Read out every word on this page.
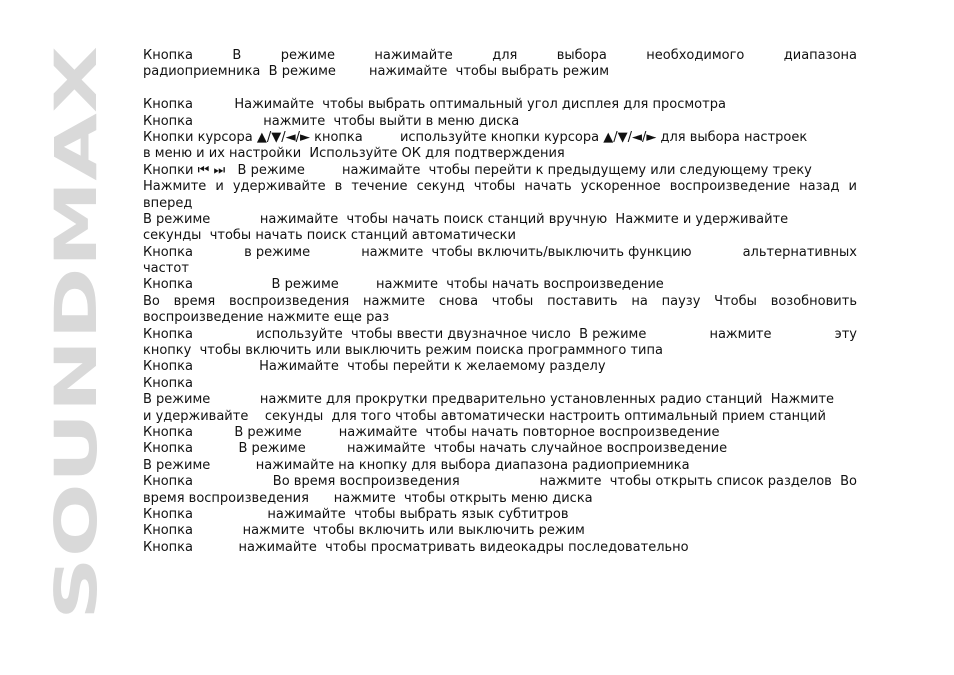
SOUNDMAX
Кнопка	В	режиме	нажимайте	для	выбора	необходимого	диапазона
радиоприемника  В режиме        нажимайте  чтобы выбрать режим
Кнопка          Нажимайте  чтобы выбрать оптимальный угол дисплея для просмотра
Кнопка                 нажмите  чтобы выйти в меню диска
Кнопки курсора ▲/▼/◄/► кнопка         используйте кнопки курсора ▲/▼/◄/► для выбора настроек
в меню и их настройки  Используйте ОК для подтверждения
Кнопки ⏮ ⏭   В режиме         нажимайте  чтобы перейти к предыдущему или следующему треку
Нажмите и удерживайте в течение секунд чтобы начать ускоренное воспроизведение назад и
вперед
В режиме            нажимайте  чтобы начать поиск станций вручную  Нажмите и удерживайте
секунды  чтобы начать поиск станций автоматически
Кнопка	в режиме	нажмите  чтобы включить/выключить функцию	альтернативных
частот
Кнопка                   В режиме         нажмите  чтобы начать воспроизведение
Во время воспроизведения нажмите снова чтобы поставить на паузу Чтобы возобновить
воспроизведение нажмите еще раз
Кнопка	используйте  чтобы ввести двузначное число  В режиме	нажмите	эту
кнопку  чтобы включить или выключить режим поиска программного типа
Кнопка                Нажимайте  чтобы перейти к желаемому разделу
Кнопка
В режиме            нажмите для прокрутки предварительно установленных радио станций  Нажмите
и удерживайте    секунды  для того чтобы автоматически настроить оптимальный прием станций
Кнопка          В режиме         нажимайте  чтобы начать повторное воспроизведение
Кнопка           В режиме          нажимайте  чтобы начать случайное воспроизведение
В режиме           нажимайте на кнопку для выбора диапазона радиоприемника
Кнопка	Во время воспроизведения	нажмите  чтобы открыть список разделов  Во
время воспроизведения      нажмите  чтобы открыть меню диска
Кнопка                  нажимайте  чтобы выбрать язык субтитров
Кнопка            нажмите  чтобы включить или выключить режим
Кнопка           нажимайте  чтобы просматривать видеокадры последовательно
